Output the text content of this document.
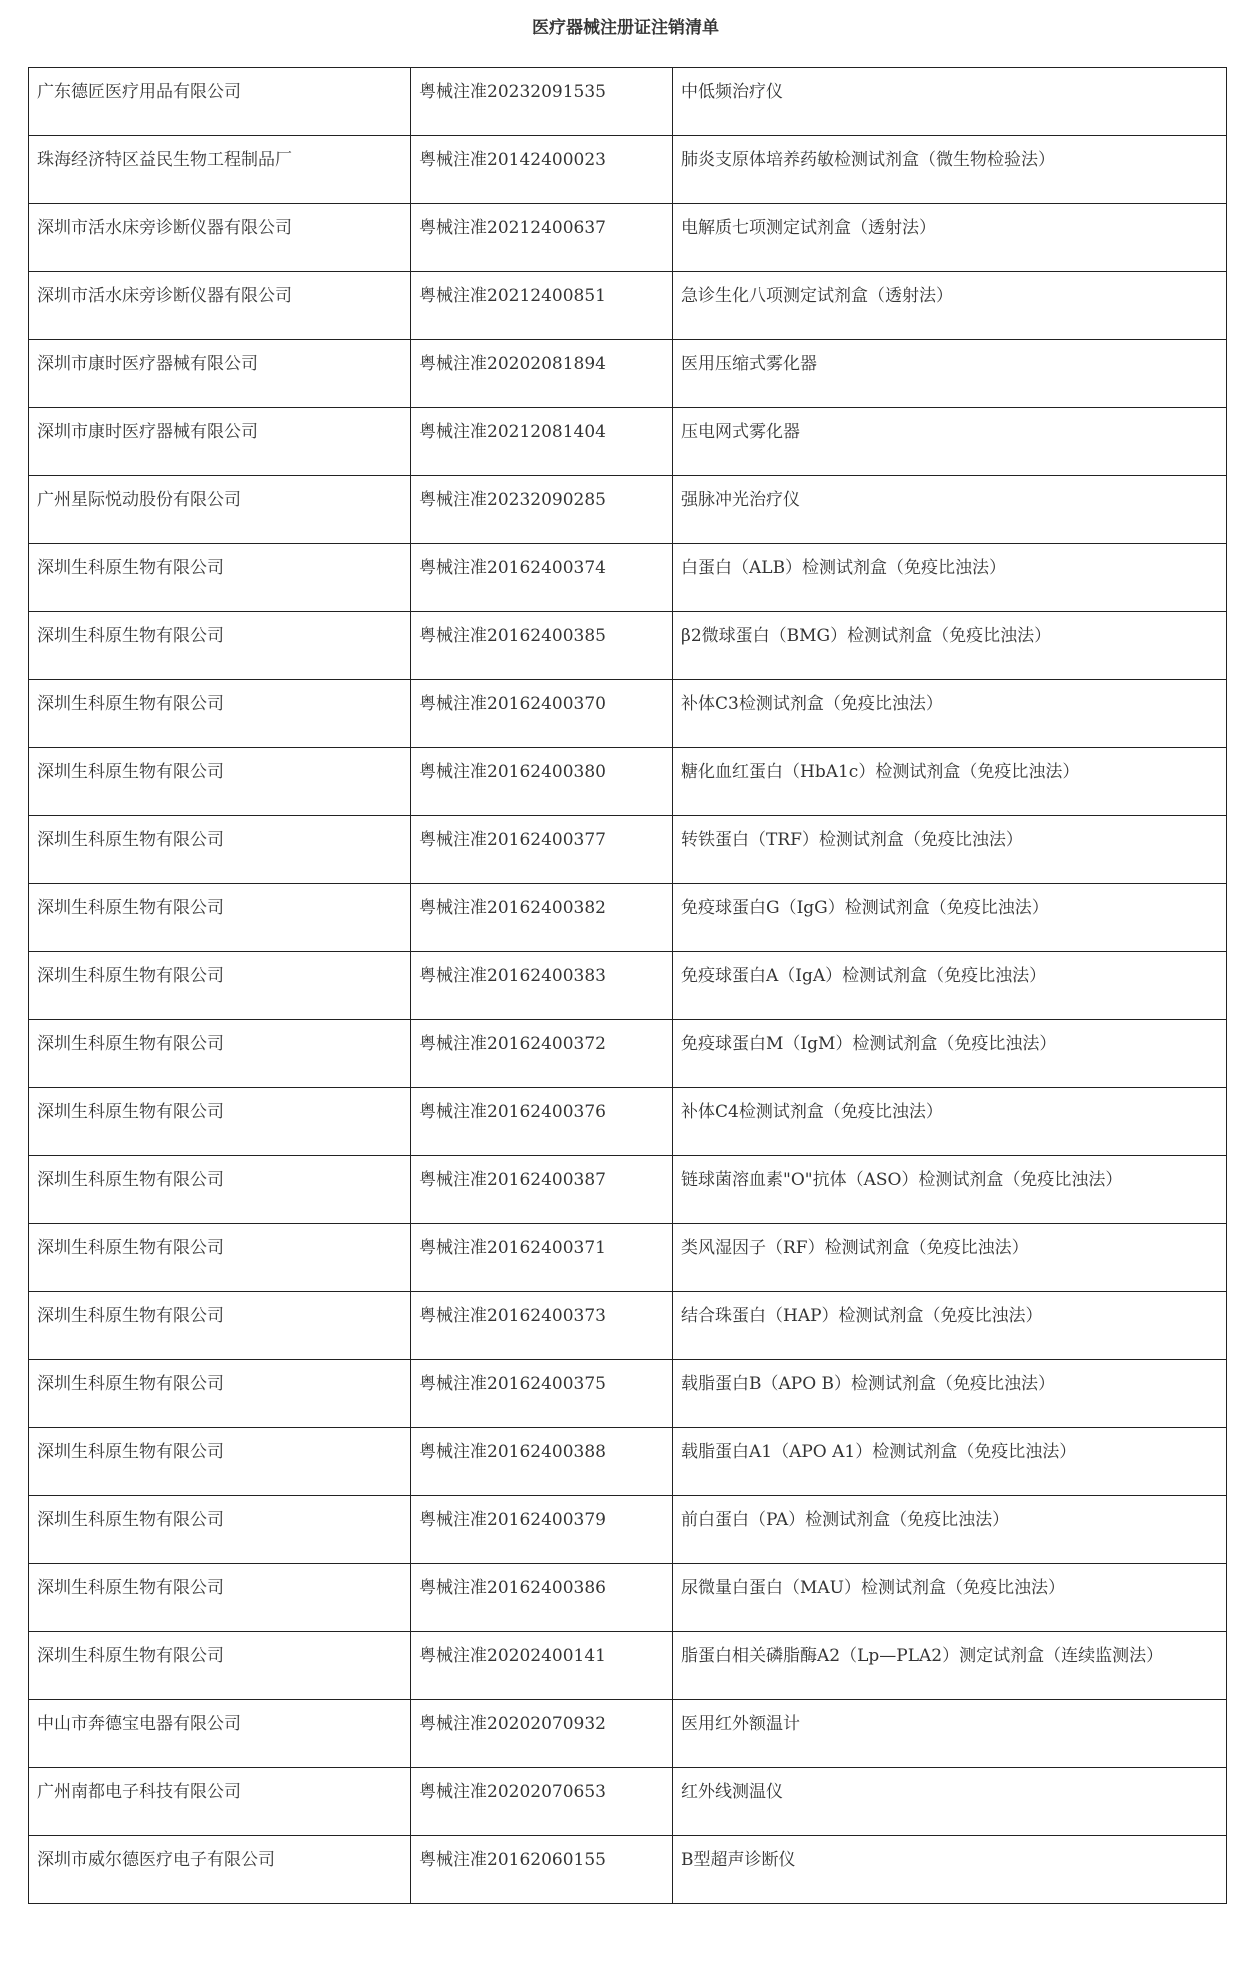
医疗器械注册证注销清单
广东德匠医疗用品有限公司	粤械注准20232091535	中低频治疗仪
珠海经济特区益民生物工程制品厂	粤械注准20142400023	肺炎支原体培养药敏检测试剂盒（微生物检验法）
深圳市活水床旁诊断仪器有限公司	粤械注准20212400637	电解质七项测定试剂盒（透射法）
深圳市活水床旁诊断仪器有限公司	粤械注准20212400851	急诊生化八项测定试剂盒（透射法）
深圳市康时医疗器械有限公司	粤械注准20202081894	医用压缩式雾化器
深圳市康时医疗器械有限公司	粤械注准20212081404	压电网式雾化器
广州星际悦动股份有限公司	粤械注准20232090285	强脉冲光治疗仪
深圳生科原生物有限公司	粤械注准20162400374	白蛋白（ALB）检测试剂盒（免疫比浊法）
深圳生科原生物有限公司	粤械注准20162400385	β2微球蛋白（BMG）检测试剂盒（免疫比浊法）
深圳生科原生物有限公司	粤械注准20162400370	补体C3检测试剂盒（免疫比浊法）
深圳生科原生物有限公司	粤械注准20162400380	糖化血红蛋白（HbA1c）检测试剂盒（免疫比浊法）
深圳生科原生物有限公司	粤械注准20162400377	转铁蛋白（TRF）检测试剂盒（免疫比浊法）
深圳生科原生物有限公司	粤械注准20162400382	免疫球蛋白G（IgG）检测试剂盒（免疫比浊法）
深圳生科原生物有限公司	粤械注准20162400383	免疫球蛋白A（IgA）检测试剂盒（免疫比浊法）
深圳生科原生物有限公司	粤械注准20162400372	免疫球蛋白M（IgM）检测试剂盒（免疫比浊法）
深圳生科原生物有限公司	粤械注准20162400376	补体C4检测试剂盒（免疫比浊法）
深圳生科原生物有限公司	粤械注准20162400387	链球菌溶血素"O"抗体（ASO）检测试剂盒（免疫比浊法）
深圳生科原生物有限公司	粤械注准20162400371	类风湿因子（RF）检测试剂盒（免疫比浊法）
深圳生科原生物有限公司	粤械注准20162400373	结合珠蛋白（HAP）检测试剂盒（免疫比浊法）
深圳生科原生物有限公司	粤械注准20162400375	载脂蛋白B（APO B）检测试剂盒（免疫比浊法）
深圳生科原生物有限公司	粤械注准20162400388	载脂蛋白A1（APO A1）检测试剂盒（免疫比浊法）
深圳生科原生物有限公司	粤械注准20162400379	前白蛋白（PA）检测试剂盒（免疫比浊法）
深圳生科原生物有限公司	粤械注准20162400386	尿微量白蛋白（MAU）检测试剂盒（免疫比浊法）
深圳生科原生物有限公司	粤械注准20202400141	脂蛋白相关磷脂酶A2（Lp—PLA2）测定试剂盒（连续监测法）
中山市奔德宝电器有限公司	粤械注准20202070932	医用红外额温计
广州南都电子科技有限公司	粤械注准20202070653	红外线测温仪
深圳市威尔德医疗电子有限公司	粤械注准20162060155	B型超声诊断仪
